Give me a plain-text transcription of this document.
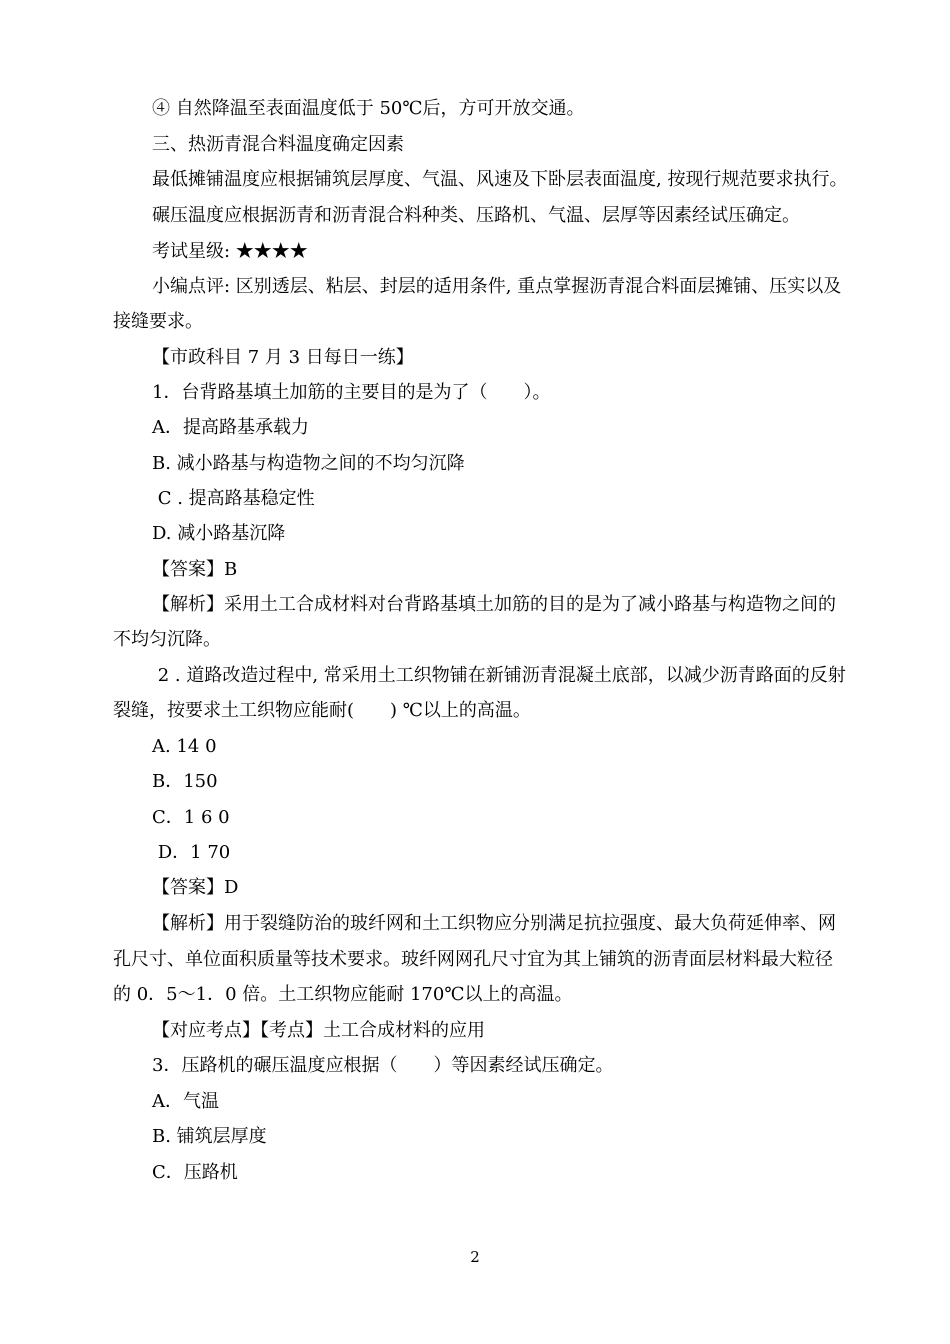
④ 自然降温至表面温度低于 50℃后，方可开放交通。
三、热沥青混合料温度确定因素
最低摊铺温度应根据铺筑层厚度、气温、风速及下卧层表面温度, 按现行规范要求执行。
碾压温度应根据沥青和沥青混合料种类、压路机、气温、层厚等因素经试压确定。
考试星级: ★★★★
小编点评: 区别透层、粘层、封层的适用条件, 重点掌握沥青混合料面层摊铺、压实以及
接缝要求。
【市政科目 7 月 3 日每日一练】
1．台背路基填土加筋的主要目的是为了（　　）。
A．提高路基承载力
B. 减小路基与构造物之间的不均匀沉降
C . 提高路基稳定性
D. 减小路基沉降
【答案】B
【解析】采用土工合成材料对台背路基填土加筋的目的是为了减小路基与构造物之间的
不均匀沉降。
2 . 道路改造过程中, 常采用土工织物铺在新铺沥青混凝土底部，以减少沥青路面的反射
裂缝，按要求土工织物应能耐(　　) ℃以上的高温。
A. 14 0
B．150
C．1 6 0
D．1 70
【答案】D
【解析】用于裂缝防治的玻纤网和土工织物应分别满足抗拉强度、最大负荷延伸率、网
孔尺寸、单位面积质量等技术要求。玻纤网网孔尺寸宜为其上铺筑的沥青面层材料最大粒径
的 0．5～1．0 倍。土工织物应能耐 170℃以上的高温。
【对应考点】【考点】土工合成材料的应用
3．压路机的碾压温度应根据（　　）等因素经试压确定。
A．气温
B. 铺筑层厚度
C．压路机
2
